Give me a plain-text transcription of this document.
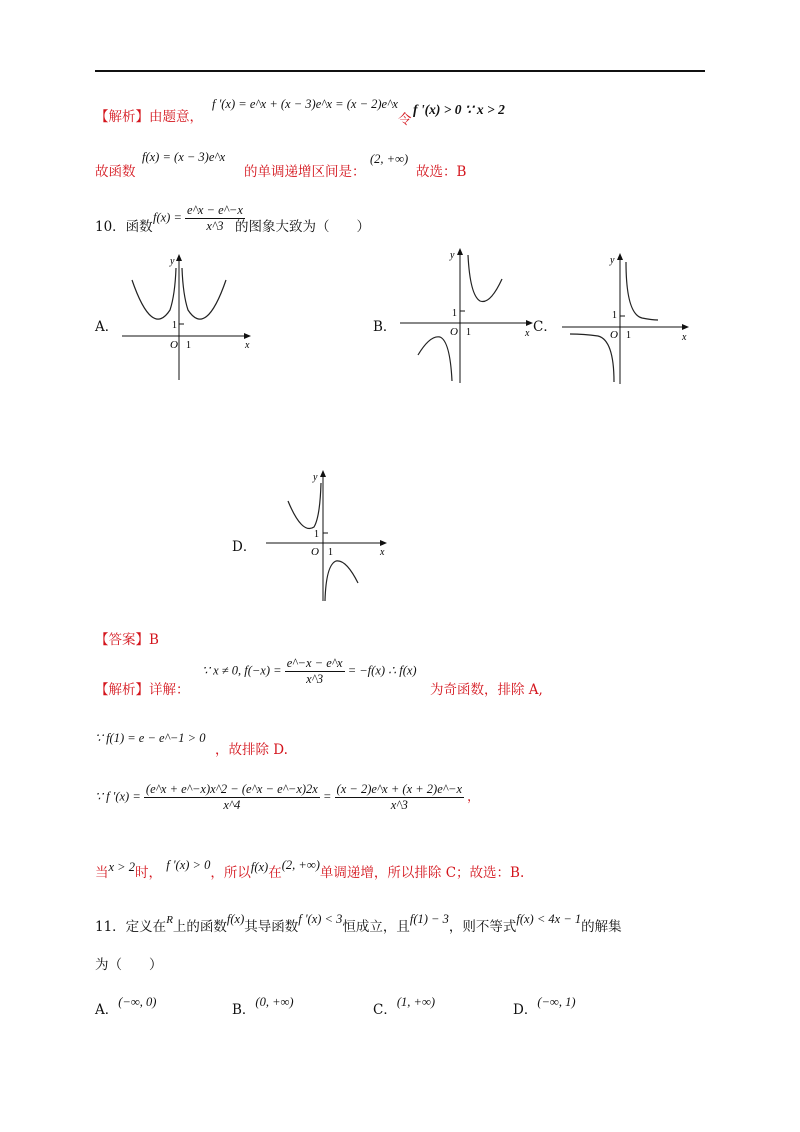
【解析】由题意，
f '(x) = e^x + (x − 3)e^x = (x − 2)e^x
令
f '(x) > 0 ∵ x > 2
故函数
f(x) = (x − 3)e^x
的单调递增区间是：
(2, +∞)
故选：B
10．函数
$f(x) = \frac{e\^{}x - e\^{}-x}{x\^{}3}$
的图象大致为（　　）
A．	B．	C．
D．
y
x
O 1
1
y
x
O 1
1
y
x
O 1
1
y
x
O 1
1
【答案】B
【解析】详解：
∵ x ≠ 0, $f(-x) = \frac{e\^{}-x - e\^{}x}{x\^{}3} = -f(x)$ ∴ f(x)
为奇函数，排除 A,
∵ f(1) = e − e^−1 > 0
，故排除 D.
∵ f '$(x) = \frac{(e\^{}x + e\^{}-x)x\^{}2 - (e\^{}x - e\^{}-x)2x}{x\^{}4} = \frac{(x - 2)e\^{}x + (x + 2)e\^{}-x}{x\^{}3}$ ，
当x > 2时， f '(x) > 0，所以f(x)在(2, +∞)单调递增，所以排除 C；故选：B.
11．定义在$^R$上的函数f(x)其导函数f '(x) < 3恒成立，且f(1) − 3，则不等式f(x) < 4x − 1的解集
为（　　）
A．(−∞, 0)	B．(0, +∞)	C．(1, +∞)	D．(−∞, 1)
